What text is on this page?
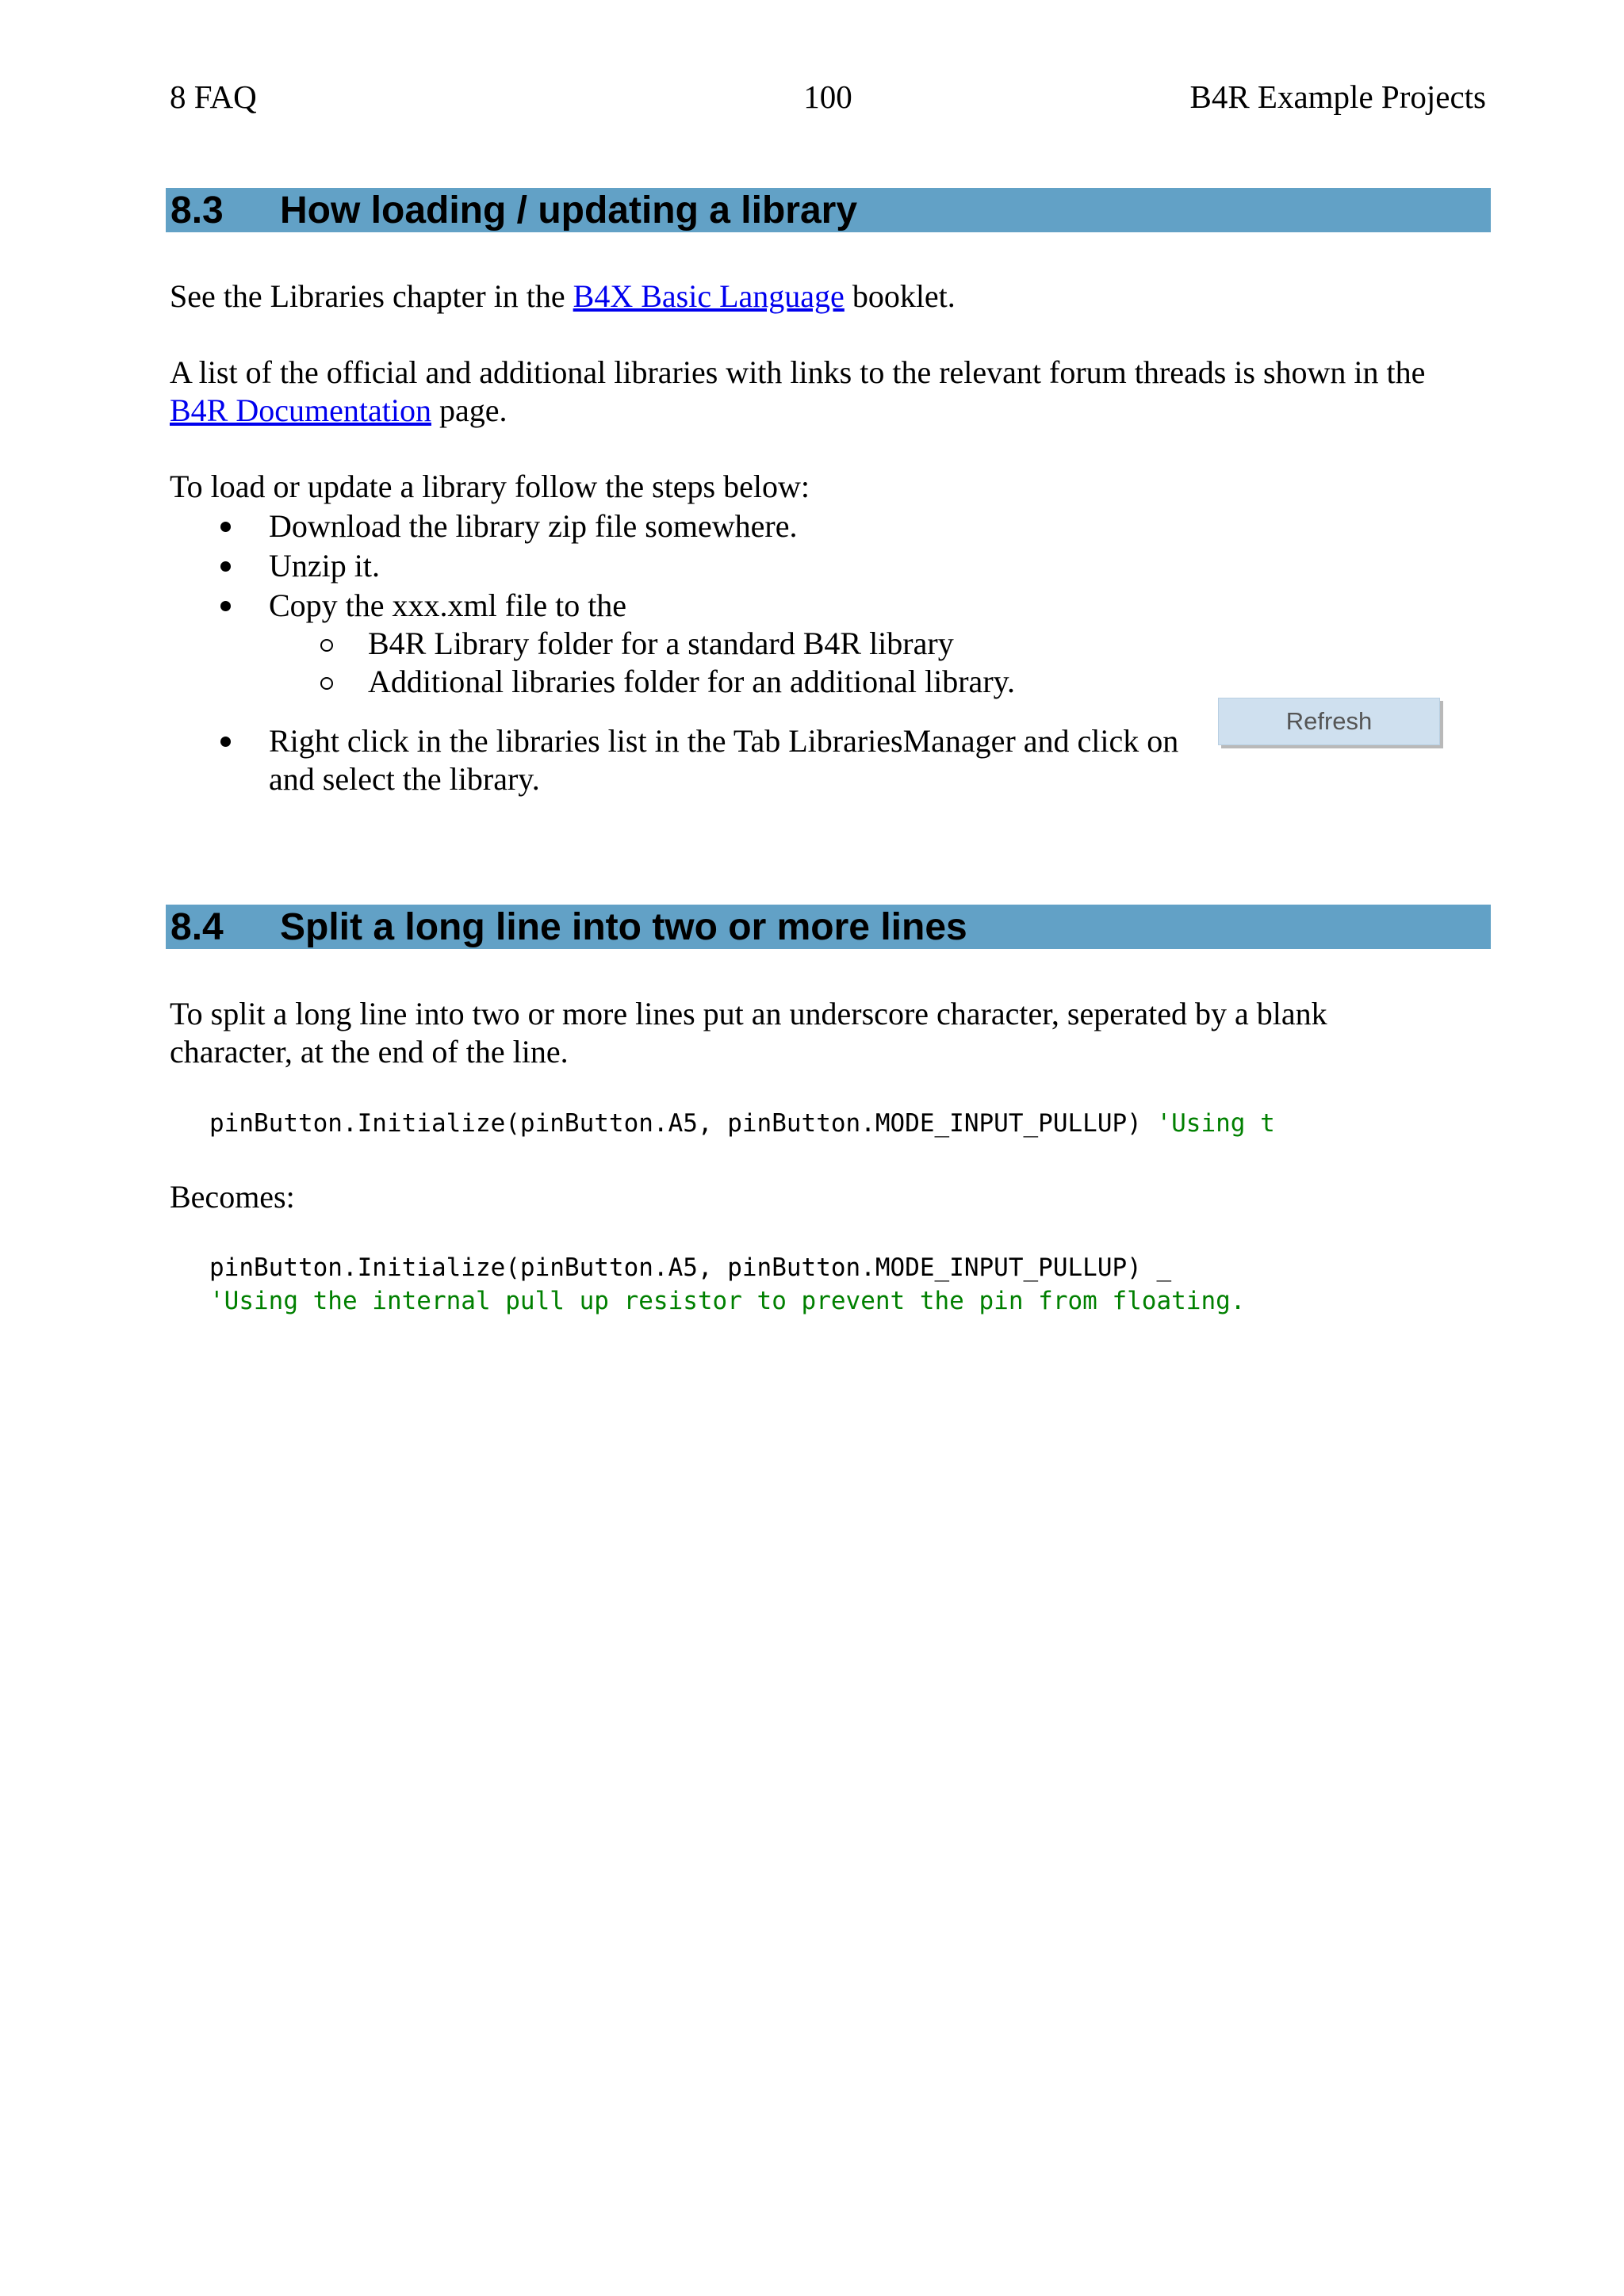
8 FAQ	100	B4R Example Projects
8.3 How loading / updating a library
See the Libraries chapter in the B4X Basic Language booklet.
A list of the official and additional libraries with links to the relevant forum threads is shown in the
B4R Documentation page.
To load or update a library follow the steps below:
Download the library zip file somewhere.
Unzip it.
Copy the xxx.xml file to the
B4R Library folder for a standard B4R library
Additional libraries folder for an additional library.
Right click in the libraries list in the Tab LibrariesManager and click on
and select the library.
Refresh
8.4 Split a long line into two or more lines
To split a long line into two or more lines put an underscore character, seperated by a blank
character, at the end of the line.
pinButton.Initialize(pinButton.A5, pinButton.MODE_INPUT_PULLUP) 'Using t
Becomes:
pinButton.Initialize(pinButton.A5, pinButton.MODE_INPUT_PULLUP) _
'Using the internal pull up resistor to prevent the pin from floating.
